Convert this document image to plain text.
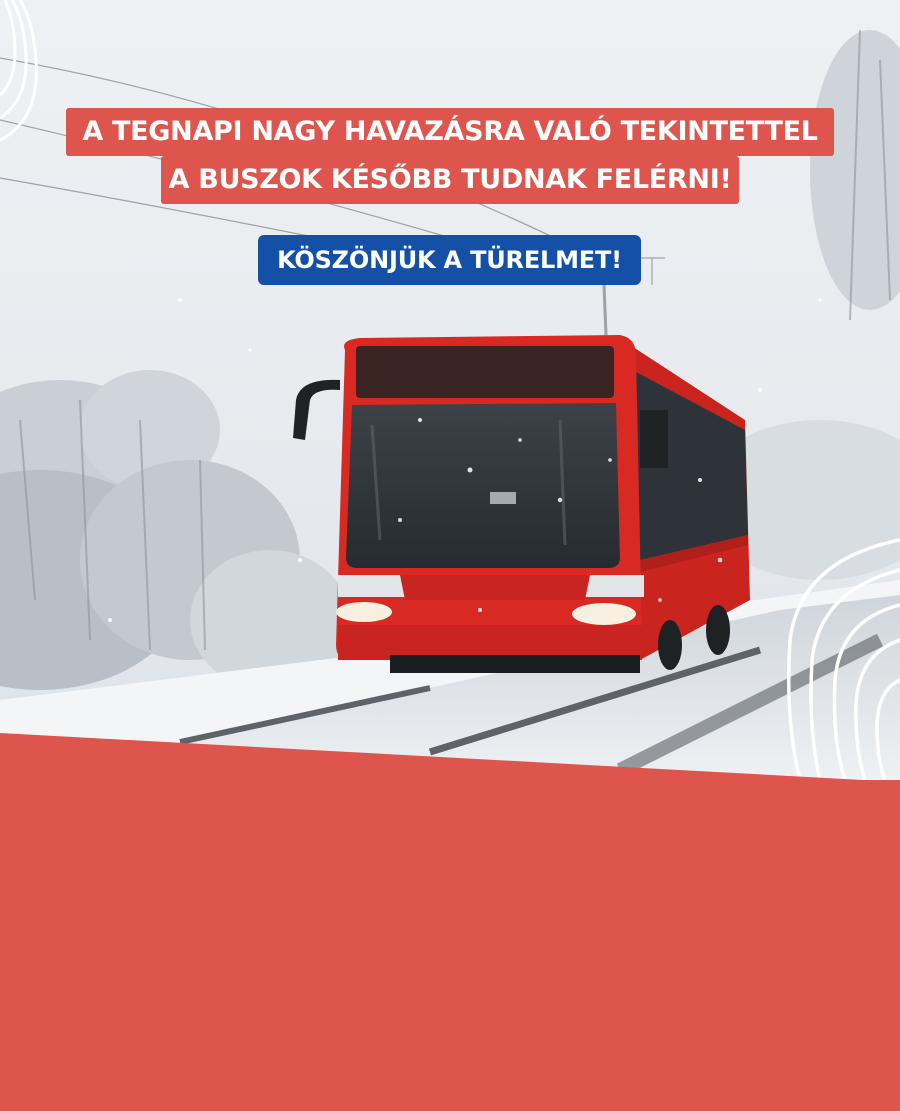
A TEGNAPI NAGY HAVAZÁSRA VALÓ TEKINTETTEL
A BUSZOK KÉSŐBB TUDNAK FELÉRNI!
KÖSZÖNJÜK A TÜRELMET!
